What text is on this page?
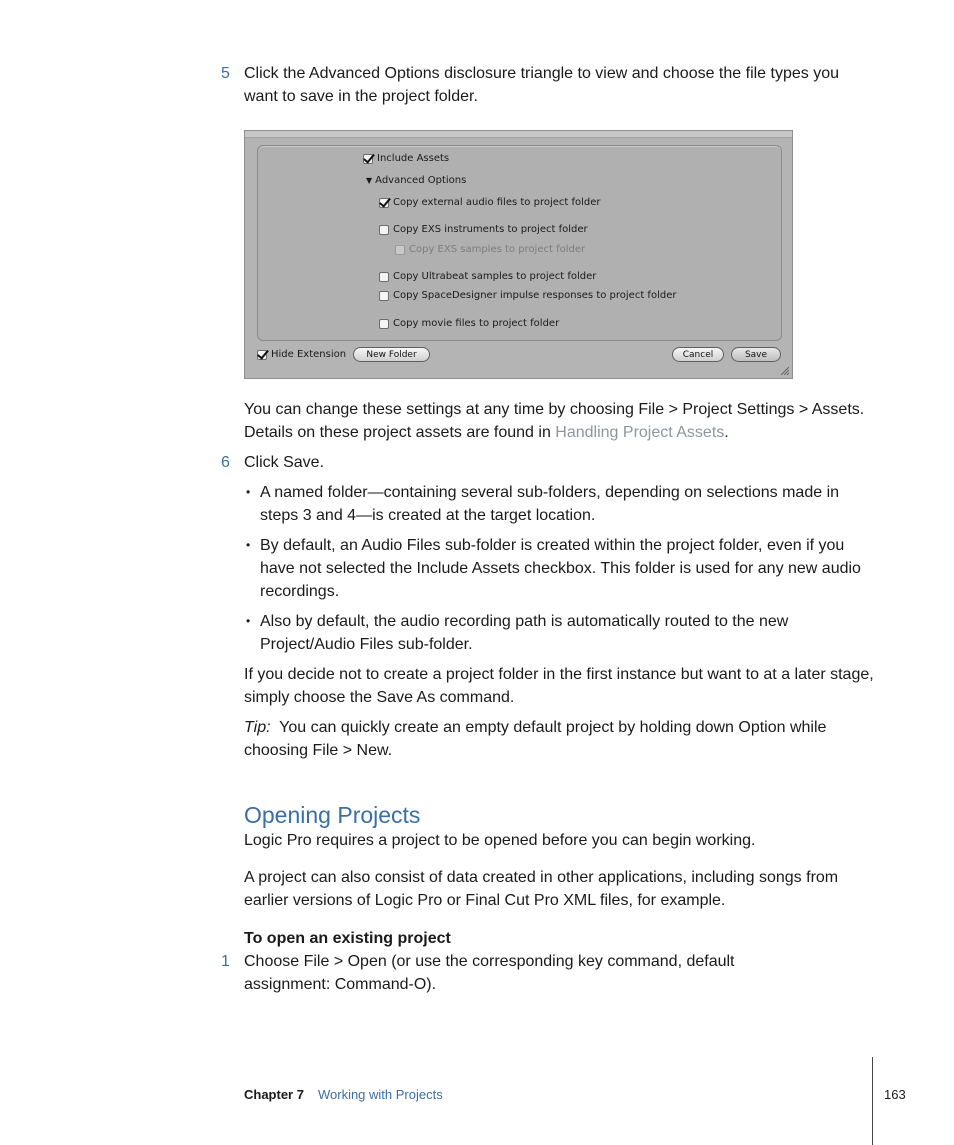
5 Click the Advanced Options disclosure triangle to view and choose the file types you
want to save in the project folder.
Include Assets
▼ Advanced Options
Copy external audio files to project folder
Copy EXS instruments to project folder
Copy EXS samples to project folder
Copy Ultrabeat samples to project folder
Copy SpaceDesigner impulse responses to project folder
Copy movie files to project folder
Hide Extension	New Folder	Cancel	Save
You can change these settings at any time by choosing File > Project Settings > Assets.
Details on these project assets are found in Handling Project Assets.
6 Click Save.
• A named folder—containing several sub-folders, depending on selections made in
steps 3 and 4—is created at the target location.
• By default, an Audio Files sub-folder is created within the project folder, even if you
have not selected the Include Assets checkbox. This folder is used for any new audio
recordings.
• Also by default, the audio recording path is automatically routed to the new
Project/Audio Files sub-folder.
If you decide not to create a project folder in the first instance but want to at a later stage,
simply choose the Save As command.
Tip: You can quickly create an empty default project by holding down Option while
choosing File > New.
Opening Projects
Logic Pro requires a project to be opened before you can begin working.
A project can also consist of data created in other applications, including songs from
earlier versions of Logic Pro or Final Cut Pro XML files, for example.
To open an existing project
1 Choose File > Open (or use the corresponding key command, default
assignment: Command-O).
Chapter 7 Working with Projects	163
